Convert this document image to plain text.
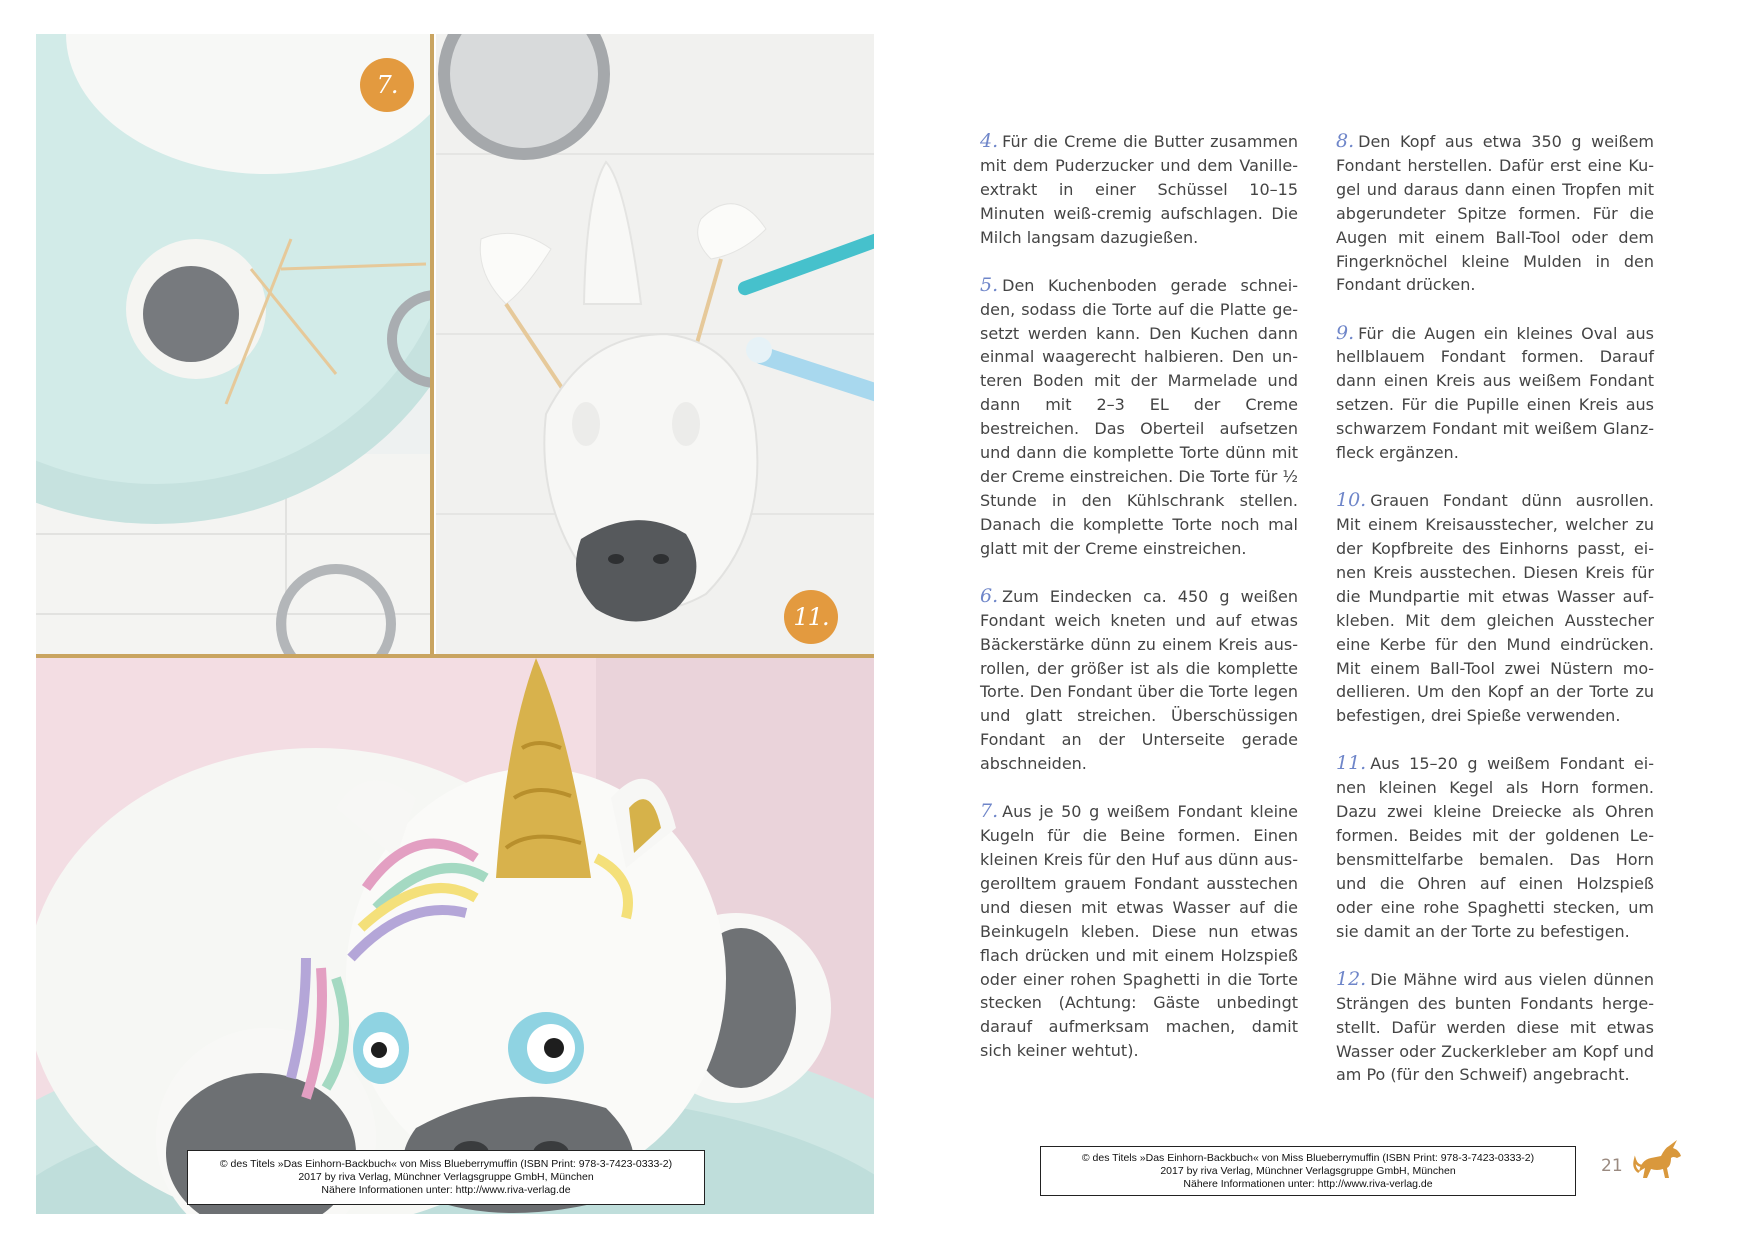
7.
11.
© des Titels »Das Einhorn-Backbuch« von Miss Blueberrymuffin (ISBN Print: 978-3-7423-0333-2)
2017 by riva Verlag, Münchner Verlagsgruppe GmbH, München
Nähere Informationen unter: http://www.riva-verlag.de

4. Für die Creme die Butter zusammen mit dem Puderzucker und dem Vanilleextrakt in einer Schüssel 10–15 Minuten weiß-cremig aufschlagen. Die Milch langsam dazugießen.

5. Den Kuchenboden gerade schneiden, sodass die Torte auf die Platte gesetzt werden kann. Den Kuchen dann einmal waagerecht halbieren. Den unteren Boden mit der Marmelade und dann mit 2–3 EL der Creme bestreichen. Das Oberteil aufsetzen und dann die komplette Torte dünn mit der Creme einstreichen. Die Torte für ½ Stunde in den Kühlschrank stellen. Danach die komplette Torte noch mal glatt mit der Creme einstreichen.

6. Zum Eindecken ca. 450 g weißen Fondant weich kneten und auf etwas Bäckerstärke dünn zu einem Kreis ausrollen, der größer ist als die komplette Torte. Den Fondant über die Torte legen und glatt streichen. Überschüssigen Fondant an der Unterseite gerade abschneiden.

7. Aus je 50 g weißem Fondant kleine Kugeln für die Beine formen. Einen kleinen Kreis für den Huf aus dünn ausgerolltem grauem Fondant ausstechen und diesen mit etwas Wasser auf die Beinkugeln kleben. Diese nun etwas flach drücken und mit einem Holzspieß oder einer rohen Spaghetti in die Torte stecken (Achtung: Gäste unbedingt darauf aufmerksam machen, damit sich keiner wehtut).

8. Den Kopf aus etwa 350 g weißem Fondant herstellen. Dafür erst eine Kugel und daraus dann einen Tropfen mit abgerundeter Spitze formen. Für die Augen mit einem Ball-Tool oder dem Fingerknöchel kleine Mulden in den Fondant drücken.

9. Für die Augen ein kleines Oval aus hellblauem Fondant formen. Darauf dann einen Kreis aus weißem Fondant setzen. Für die Pupille einen Kreis aus schwarzem Fondant mit weißem Glanzfleck ergänzen.

10. Grauen Fondant dünn ausrollen. Mit einem Kreisausstecher, welcher zu der Kopfbreite des Einhorns passt, einen Kreis ausstechen. Diesen Kreis für die Mundpartie mit etwas Wasser aufkleben. Mit dem gleichen Ausstecher eine Kerbe für den Mund eindrücken. Mit einem Ball-Tool zwei Nüstern modellieren. Um den Kopf an der Torte zu befestigen, drei Spieße verwenden.

11. Aus 15–20 g weißem Fondant einen kleinen Kegel als Horn formen. Dazu zwei kleine Dreiecke als Ohren formen. Beides mit der goldenen Lebensmittelfarbe bemalen. Das Horn und die Ohren auf einen Holzspieß oder eine rohe Spaghetti stecken, um sie damit an der Torte zu befestigen.

12. Die Mähne wird aus vielen dünnen Strängen des bunten Fondants hergestellt. Dafür werden diese mit etwas Wasser oder Zuckerkleber am Kopf und am Po (für den Schweif) angebracht.

© des Titels »Das Einhorn-Backbuch« von Miss Blueberrymuffin (ISBN Print: 978-3-7423-0333-2)
2017 by riva Verlag, Münchner Verlagsgruppe GmbH, München
Nähere Informationen unter: http://www.riva-verlag.de
21
